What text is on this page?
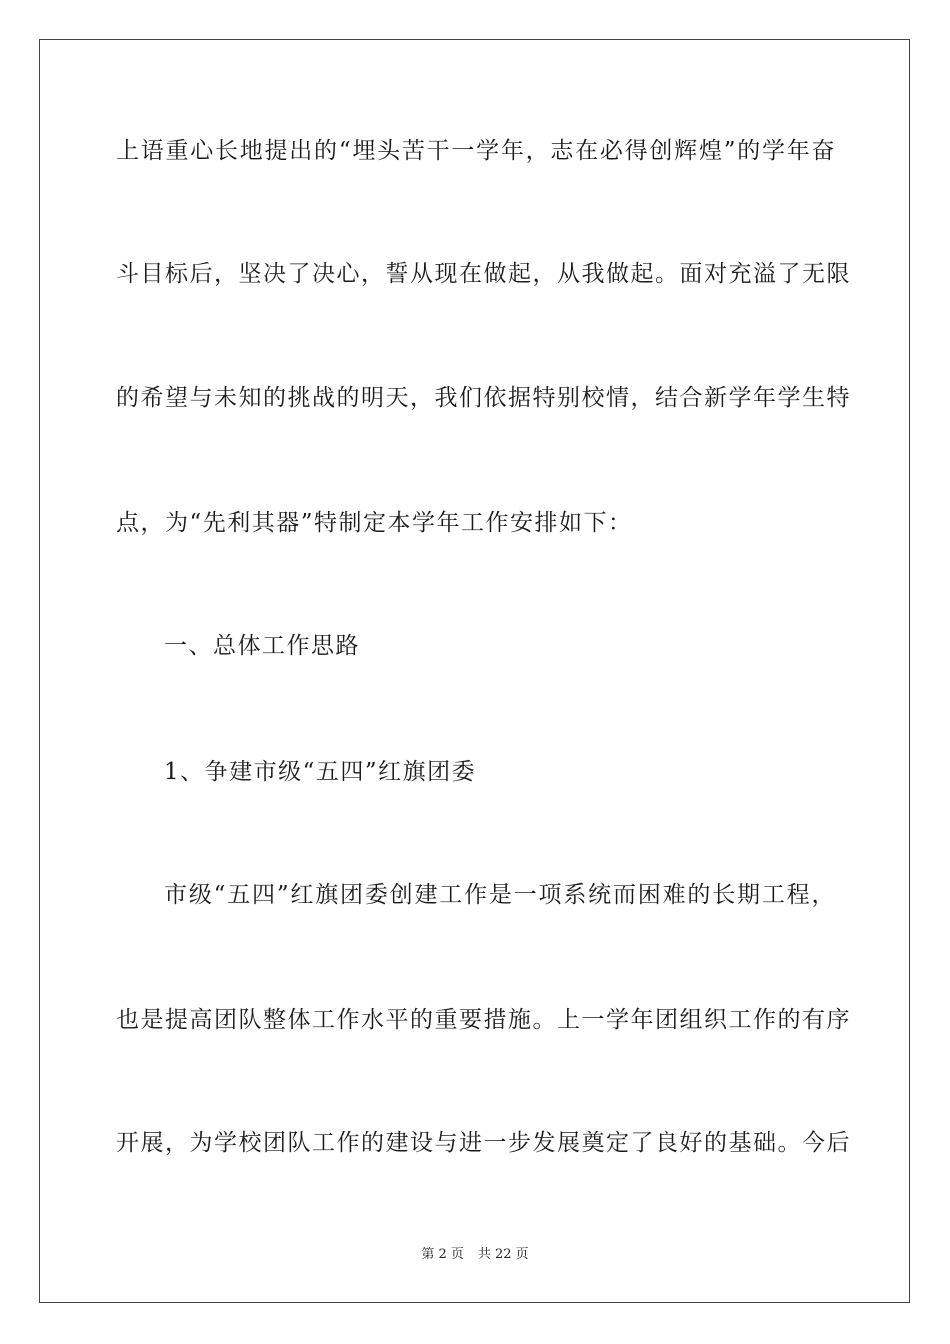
上语重心长地提出的“埋头苦干一学年，志在必得创辉煌”的学年奋
斗目标后，坚决了决心，誓从现在做起，从我做起。面对充溢了无限
的希望与未知的挑战的明天，我们依据特别校情，结合新学年学生特
点，为“先利其器”特制定本学年工作安排如下：
一、总体工作思路
1、争建市级“五四”红旗团委
市级“五四”红旗团委创建工作是一项系统而困难的长期工程，
也是提高团队整体工作水平的重要措施。上一学年团组织工作的有序
开展，为学校团队工作的建设与进一步发展奠定了良好的基础。今后
第 2 页 共 22 页
